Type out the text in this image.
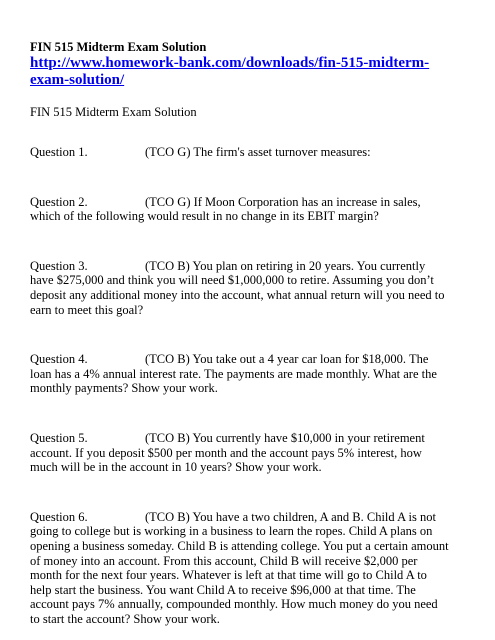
FIN 515 Midterm Exam Solution

http://www.homework-bank.com/downloads/fin-515-midterm-exam-solution/

FIN 515 Midterm Exam Solution

Question 1.	(TCO G) The firm's asset turnover measures:

Question 2.	(TCO G) If Moon Corporation has an increase in sales, which of the following would result in no change in its EBIT margin?

Question 3.	(TCO B) You plan on retiring in 20 years. You currently have $275,000 and think you will need $1,000,000 to retire. Assuming you don’t deposit any additional money into the account, what annual return will you need to earn to meet this goal?

Question 4.	(TCO B) You take out a 4 year car loan for $18,000. The loan has a 4% annual interest rate. The payments are made monthly. What are the monthly payments? Show your work.

Question 5.	(TCO B) You currently have $10,000 in your retirement account. If you deposit $500 per month and the account pays 5% interest, how much will be in the account in 10 years? Show your work.

Question 6.	(TCO B) You have a two children, A and B. Child A is not going to college but is working in a business to learn the ropes. Child A plans on opening a business someday. Child B is attending college. You put a certain amount of money into an account. From this account, Child B will receive $2,000 per month for the next four years. Whatever is left at that time will go to Child A to help start the business. You want Child A to receive $96,000 at that time. The account pays 7% annually, compounded monthly. How much money do you need to start the account? Show your work.
